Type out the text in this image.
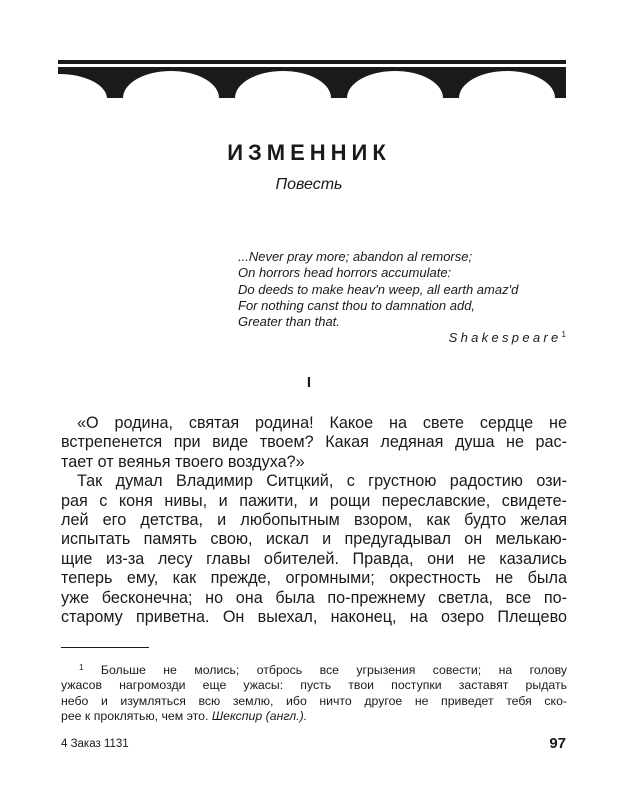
ИЗМЕННИК
Повесть
...Never pray more; abandon al remorse;
On horrors head horrors accumulate:
Do deeds to make heav'n weep, all earth amaz'd
For nothing canst thou to damnation add,
Greater than that.
Shakespeare$^1$
I
«О родина, святая родина! Какое на свете сердце не
встрепенется при виде твоем? Какая ледяная душа не рас-
тает от веянья твоего воздуха?»
Так думал Владимир Ситцкий, с грустною радостию ози-
рая с коня нивы, и пажити, и рощи переславские, свидете-
лей его детства, и любопытным взором, как будто желая
испытать память свою, искал и предугадывал он мелькаю-
щие из-за лесу главы обителей. Правда, они не казались
теперь ему, как прежде, огромными; окрестность не была
уже бесконечна; но она была по-прежнему светла, все по-
старому приветна. Он выехал, наконец, на озеро Плещево
$^1$ Больше не молись; отбрось все угрызения совести; на голову
ужасов нагромозди еще ужасы: пусть твои поступки заставят рыдать
небо и изумляться всю землю, ибо ничто другое не приведет тебя ско-
рее к проклятью, чем это. Шекспир (англ.).
4 Заказ 1131	97
